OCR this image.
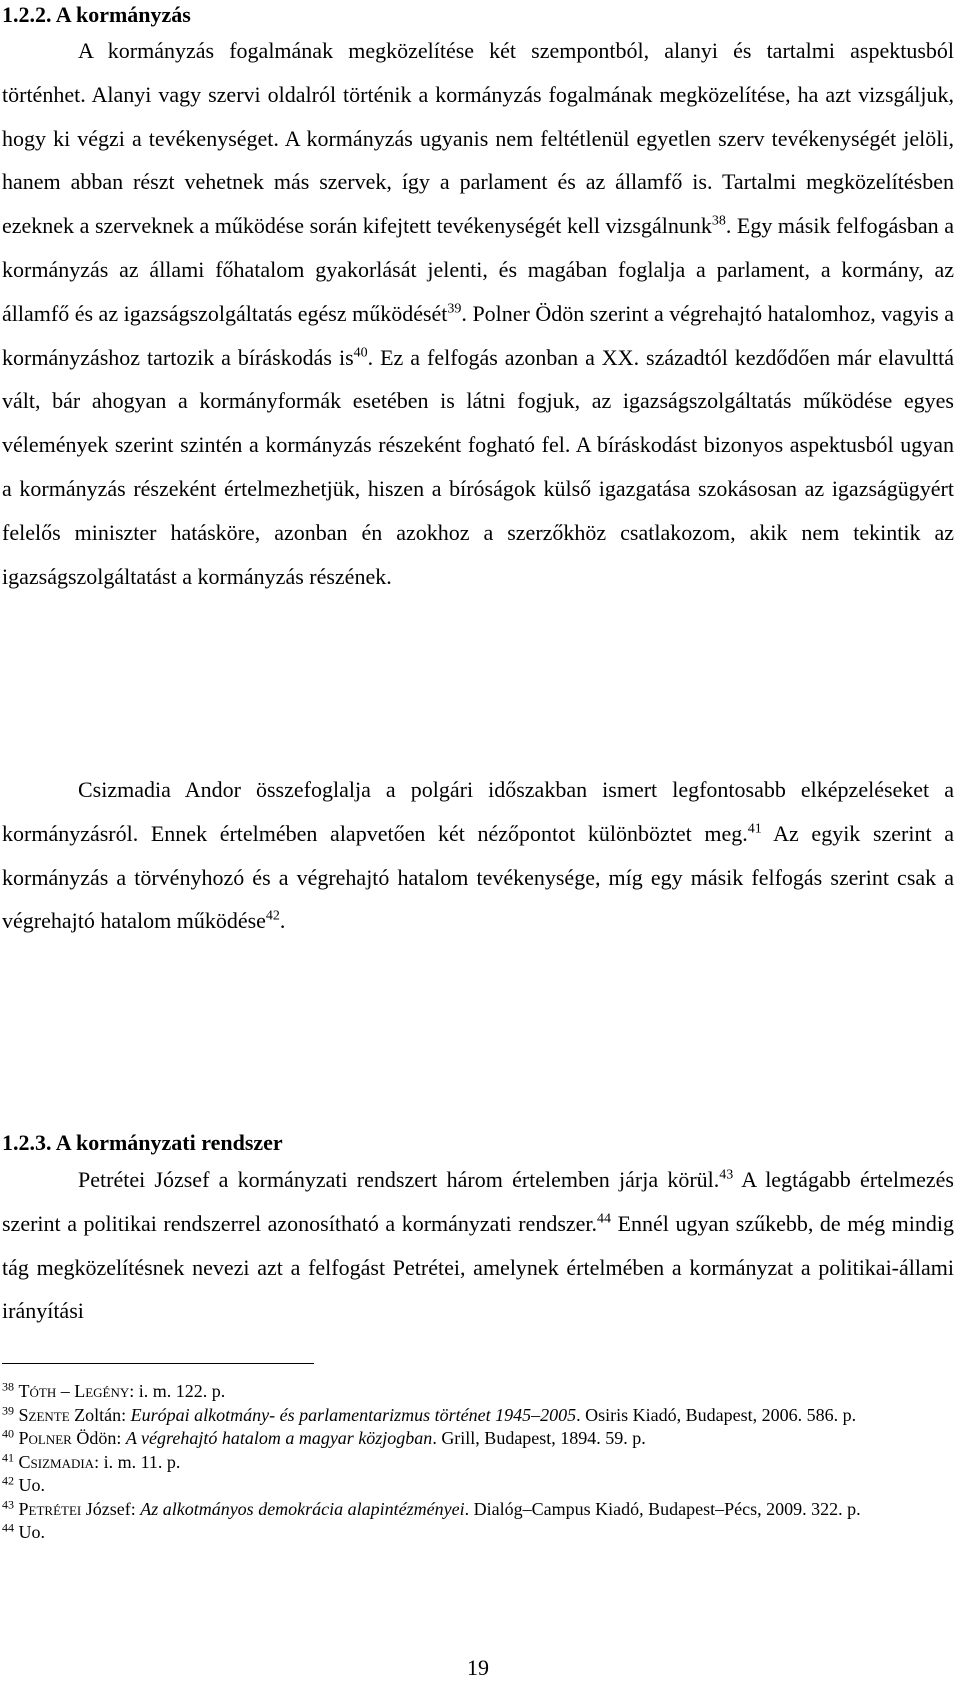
1.2.2. A kormányzás

A kormányzás fogalmának megközelítése két szempontból, alanyi és tartalmi aspektusból történhet. Alanyi vagy szervi oldalról történik a kormányzás fogalmának megközelítése, ha azt vizsgáljuk, hogy ki végzi a tevékenységet. A kormányzás ugyanis nem feltétlenül egyetlen szerv tevékenységét jelöli, hanem abban részt vehetnek más szervek, így a parlament és az államfő is. Tartalmi megközelítésben ezeknek a szerveknek a működése során kifejtett tevékenységét kell vizsgálnunk$^{38}$. Egy másik felfogásban a kormányzás az állami főhatalom gyakorlását jelenti, és magában foglalja a parlament, a kormány, az államfő és az igazságszolgáltatás egész működését$^{39}$. Polner Ödön szerint a végrehajtó hatalomhoz, vagyis a kormányzáshoz tartozik a bíráskodás $is^{40}$. Ez a felfogás azonban a XX. századtól kezdődően már elavulttá vált, bár ahogyan a kormányformák esetében is látni fogjuk, az igazságszolgáltatás működése egyes vélemények szerint szintén a kormányzás részeként fogható fel. A bíráskodást bizonyos aspektusból ugyan a kormányzás részeként értelmezhetjük, hiszen a bíróságok külső igazgatása szokásosan az igazságügyért felelős miniszter hatásköre, azonban én azokhoz a szerzőkhöz csatlakozom, akik nem tekintik az igazságszolgáltatást a kormányzás részének.

Csizmadia Andor összefoglalja a polgári időszakban ismert legfontosabb elképzeléseket a kormányzásról. Ennek értelmében alapvetően két nézőpontot különböztet meg.$^{41}$ Az egyik szerint a kormányzás a törvényhozó és a végrehajtó hatalom tevékenysége, míg egy másik felfogás szerint csak a végrehajtó hatalom működése$^{42}$.

1.2.3. A kormányzati rendszer

Petrétei József a kormányzati rendszert három értelemben járja körül.$^{43}$ A legtágabb értelmezés szerint a politikai rendszerrel azonosítható a kormányzati rendszer.$^{44}$ Ennél ugyan szűkebb, de még mindig tág megközelítésnek nevezi azt a felfogást Petrétei, amelynek értelmében a kormányzat a politikai-állami irányítási

$^{38}$ Tóth – Legény: i. m. 122. p.

$^{39}$ Szente Zoltán: Európai alkotmány- és parlamentarizmus történet 1945–2005. Osiris Kiadó, Budapest, 2006. 586. p.

$^{40}$ Polner Ödön: A végrehajtó hatalom a magyar közjogban. Grill, Budapest, 1894. 59. p.

$^{41}$ Csizmadia: i. m. 11. p.

$^{42}$ Uo.

$^{43}$ Petrétei József: Az alkotmányos demokrácia alapintézményei. Dialóg–Campus Kiadó, Budapest–Pécs, 2009. 322. p.

$^{44}$ Uo.

19
